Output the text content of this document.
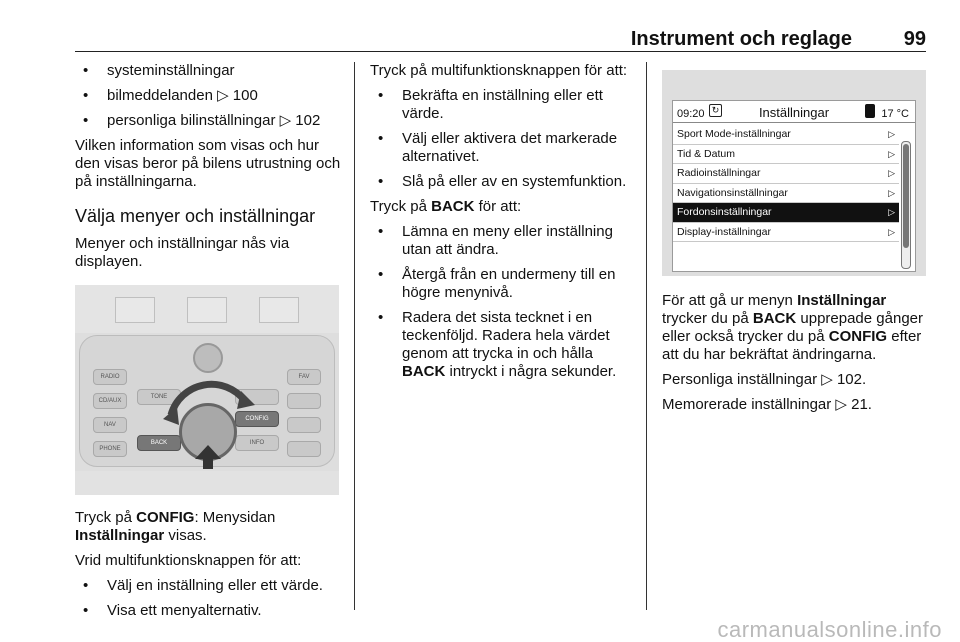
Instrument och reglage	99
• systeminställningar
• bilmeddelanden ▷ 100
• personliga bilinställningar ▷ 102

Vilken information som visas och hur den visas beror på bilens utrustning och på inställningarna.

Välja menyer och inställningar

Menyer och inställningar nås via displayen.

RADIO
CD/AUX
NAV
PHONE
FAV
TONE
BACK
CONFIG
INFO

Tryck på CONFIG: Menysidan Inställningar visas.

Vrid multifunktionsknappen för att:

• Välj en inställning eller ett värde.
• Visa ett menyalternativ.

Tryck på multifunktionsknappen för att:

• Bekräfta en inställning eller ett värde.
• Välj eller aktivera det markerade alternativet.
• Slå på eller av en systemfunktion.

Tryck på BACK för att:

• Lämna en meny eller inställning utan att ändra.
• Återgå från en undermeny till en högre menynivå.
• Radera det sista tecknet i en teckenföljd. Radera hela värdet genom att trycka in och hålla BACK intryckt i några sekunder.
09:20 ↻	Inställningar	17 °C
Sport Mode-inställningar	▷
Tid & Datum	▷
Radioinställningar	▷
Navigationsinställningar	▷
Fordonsinställningar	▷
Display-inställningar	▷

För att gå ur menyn Inställningar trycker du på BACK upprepade gånger eller också trycker du på CONFIG efter att du har bekräftat ändringarna.

Personliga inställningar ▷ 102.

Memorerade inställningar ▷ 21.

carmanualsonline.info
